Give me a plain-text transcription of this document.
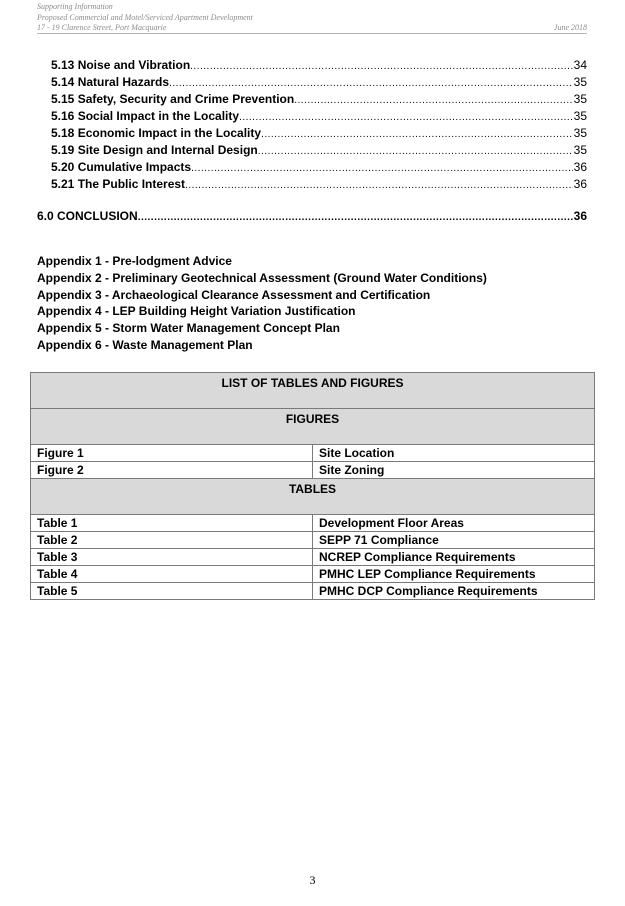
Supporting Information
Proposed Commercial and Motel/Serviced Apartment Development
17 - 19 Clarence Street, Port Macquarie	June 2018
5.13 Noise and Vibration .....	34
5.14 Natural Hazards .....	35
5.15 Safety, Security and Crime Prevention .....	35
5.16 Social Impact in the Locality .....	35
5.18 Economic Impact in the Locality .....	35
5.19 Site Design and Internal Design .....	35
5.20 Cumulative Impacts .....	36
5.21 The Public Interest .....	36
6.0 CONCLUSION .....	36
Appendix 1 - Pre-lodgment Advice
Appendix 2 - Preliminary Geotechnical Assessment (Ground Water Conditions)
Appendix 3 - Archaeological Clearance Assessment and Certification
Appendix 4 - LEP Building Height Variation Justification
Appendix 5 - Storm Water Management Concept Plan
Appendix 6 - Waste Management Plan
LIST OF TABLES AND FIGURES	
FIGURES	
Figure 1	Site Location
Figure 2	Site Zoning
TABLES	
Table 1	Development Floor Areas
Table 2	SEPP 71 Compliance
Table 3	NCREP Compliance Requirements
Table 4	PMHC LEP Compliance Requirements
Table 5	PMHC DCP Compliance Requirements
3
